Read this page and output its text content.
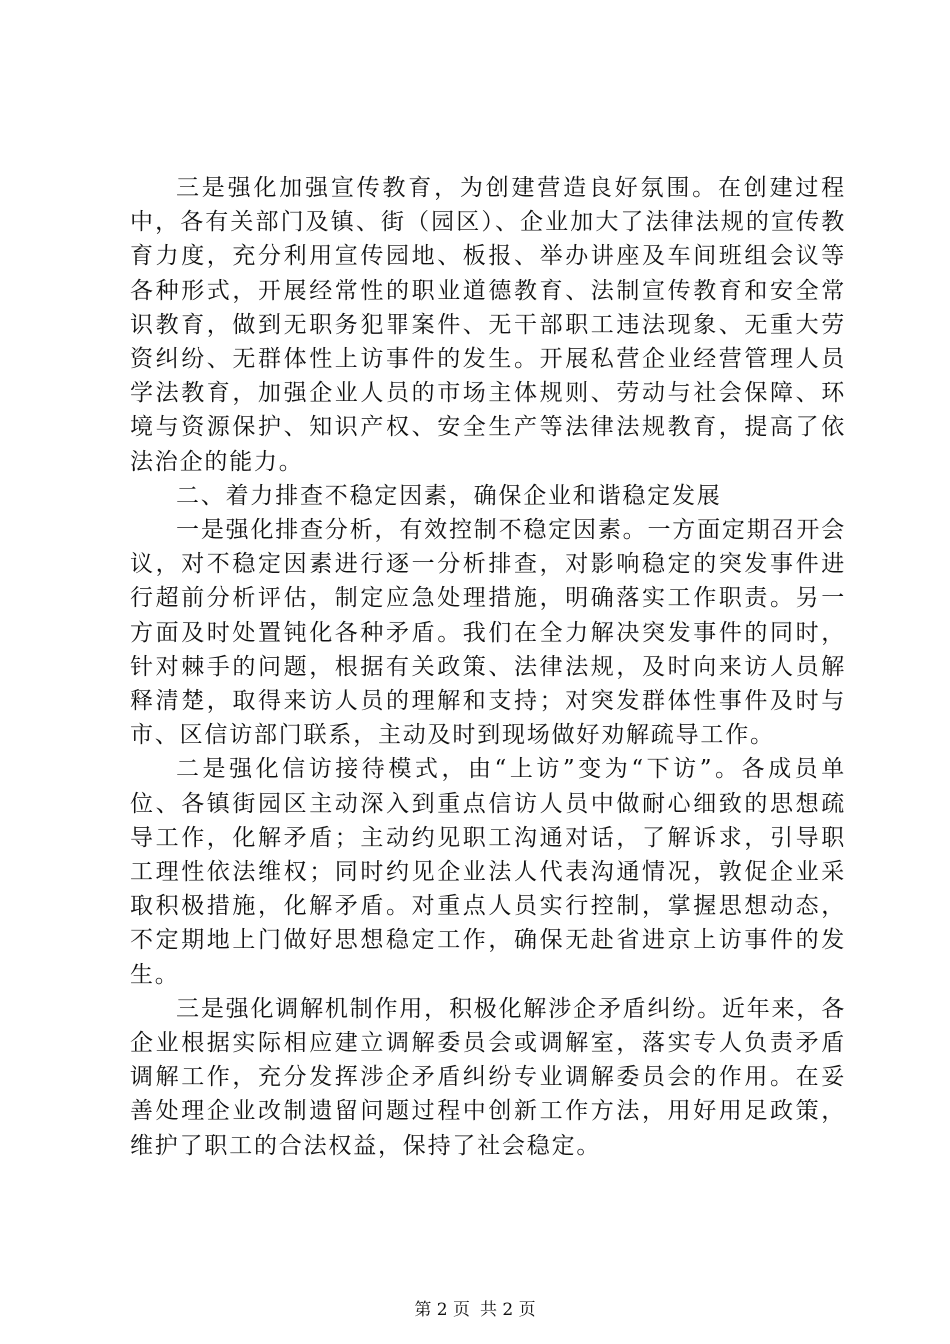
三是强化加强宣传教育，为创建营造良好氛围。在创建过程中，各有关部门及镇、街（园区）、企业加大了法律法规的宣传教育力度，充分利用宣传园地、板报、举办讲座及车间班组会议等各种形式，开展经常性的职业道德教育、法制宣传教育和安全常识教育，做到无职务犯罪案件、无干部职工违法现象、无重大劳资纠纷、无群体性上访事件的发生。开展私营企业经营管理人员学法教育，加强企业人员的市场主体规则、劳动与社会保障、环境与资源保护、知识产权、安全生产等法律法规教育，提高了依法治企的能力。

二、着力排查不稳定因素，确保企业和谐稳定发展

一是强化排查分析，有效控制不稳定因素。一方面定期召开会议，对不稳定因素进行逐一分析排查，对影响稳定的突发事件进行超前分析评估，制定应急处理措施，明确落实工作职责。另一方面及时处置钝化各种矛盾。我们在全力解决突发事件的同时，针对棘手的问题，根据有关政策、法律法规，及时向来访人员解释清楚，取得来访人员的理解和支持；对突发群体性事件及时与市、区信访部门联系，主动及时到现场做好劝解疏导工作。

二是强化信访接待模式，由“上访”变为“下访”。各成员单位、各镇街园区主动深入到重点信访人员中做耐心细致的思想疏导工作，化解矛盾；主动约见职工沟通对话，了解诉求，引导职工理性依法维权；同时约见企业法人代表沟通情况，敦促企业采取积极措施，化解矛盾。对重点人员实行控制，掌握思想动态，不定期地上门做好思想稳定工作，确保无赴省进京上访事件的发生。

三是强化调解机制作用，积极化解涉企矛盾纠纷。近年来，各企业根据实际相应建立调解委员会或调解室，落实专人负责矛盾调解工作，充分发挥涉企矛盾纠纷专业调解委员会的作用。在妥善处理企业改制遗留问题过程中创新工作方法，用好用足政策，维护了职工的合法权益，保持了社会稳定。

第 2 页 共 2 页
